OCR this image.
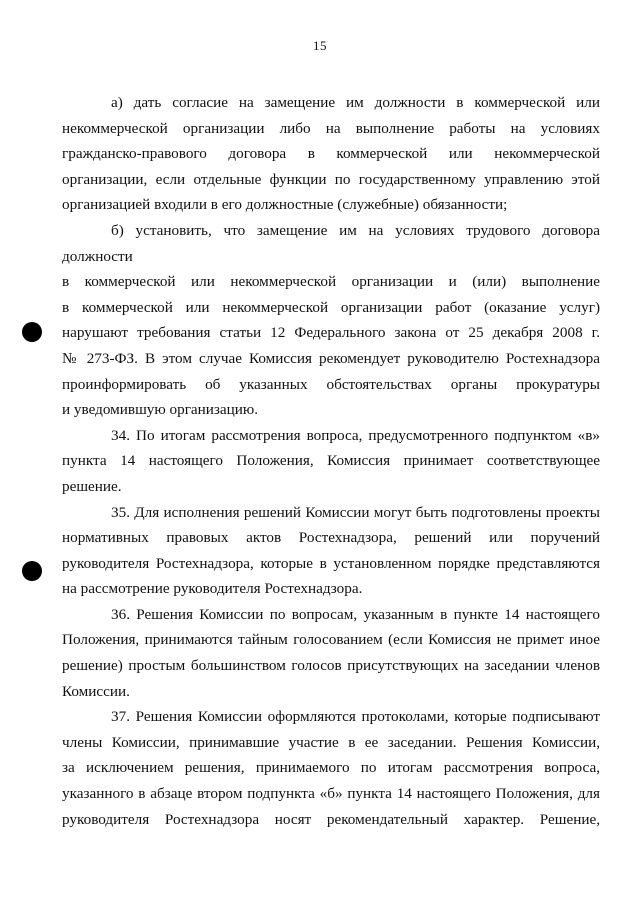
15
а) дать согласие на замещение им должности в коммерческой или
некоммерческой организации либо на выполнение работы на условиях
гражданско-правового договора в коммерческой или некоммерческой
организации, если отдельные функции по государственному управлению этой
организацией входили в его должностные (служебные) обязанности;
б) установить, что замещение им на условиях трудового договора
должности
в коммерческой или некоммерческой организации и (или) выполнение
в коммерческой или некоммерческой организации работ (оказание услуг)
нарушают требования статьи 12 Федерального закона от 25 декабря 2008 г.
№ 273-ФЗ. В этом случае Комиссия рекомендует руководителю Ростехнадзора
проинформировать об указанных обстоятельствах органы прокуратуры
и уведомившую организацию.
34. По итогам рассмотрения вопроса, предусмотренного подпунктом «в»
пункта 14 настоящего Положения, Комиссия принимает соответствующее
решение.
35. Для исполнения решений Комиссии могут быть подготовлены проекты
нормативных правовых актов Ростехнадзора, решений или поручений
руководителя Ростехнадзора, которые в установленном порядке представляются
на рассмотрение руководителя Ростехнадзора.
36. Решения Комиссии по вопросам, указанным в пункте 14 настоящего
Положения, принимаются тайным голосованием (если Комиссия не примет иное
решение) простым большинством голосов присутствующих на заседании членов
Комиссии.
37. Решения Комиссии оформляются протоколами, которые подписывают
члены Комиссии, принимавшие участие в ее заседании. Решения Комиссии,
за исключением решения, принимаемого по итогам рассмотрения вопроса,
указанного в абзаце втором подпункта «б» пункта 14 настоящего Положения, для
руководителя Ростехнадзора носят рекомендательный характер. Решение,
